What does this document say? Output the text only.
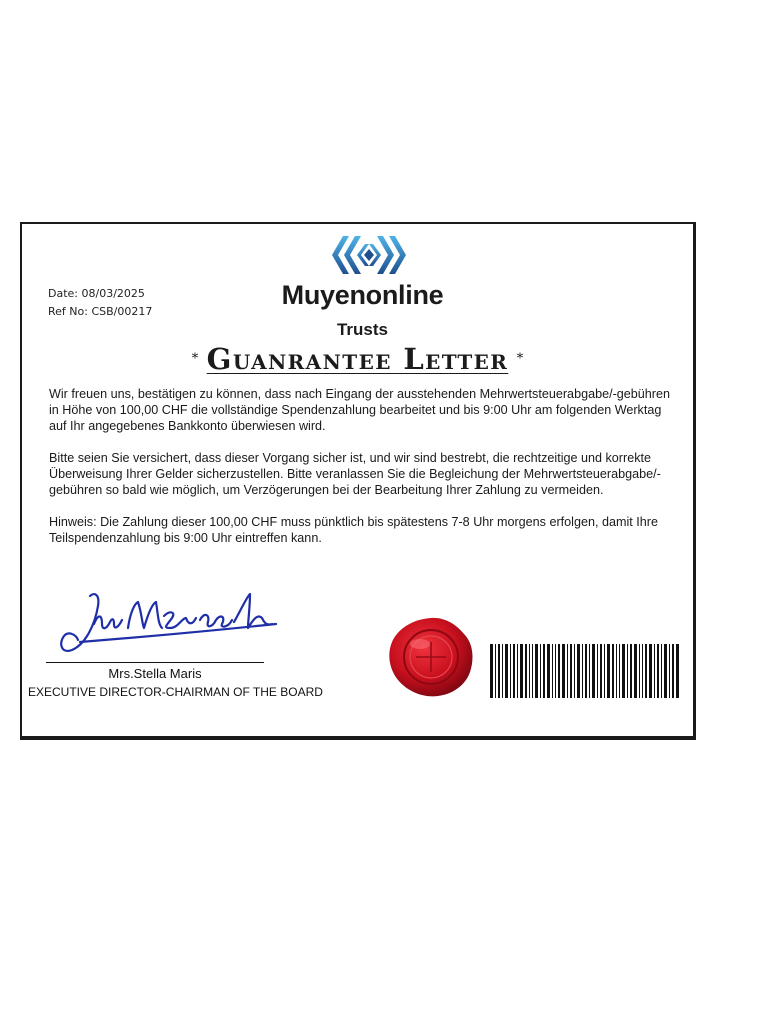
Muyenonline
Trusts
Date: 08/03/2025
Ref No: CSB/00217
* Guanrantee Letter *

Wir freuen uns, bestätigen zu können, dass nach Eingang der ausstehenden Mehrwertsteuerabgabe/-gebühren in Höhe von 100,00 CHF die vollständige Spendenzahlung bearbeitet und bis 9:00 Uhr am folgenden Werktag auf Ihr angegebenes Bankkonto überwiesen wird.

Bitte seien Sie versichert, dass dieser Vorgang sicher ist, und wir sind bestrebt, die rechtzeitige und korrekte Überweisung Ihrer Gelder sicherzustellen. Bitte veranlassen Sie die Begleichung der Mehrwertsteuerabgabe/-gebühren so bald wie möglich, um Verzögerungen bei der Bearbeitung Ihrer Zahlung zu vermeiden.

Hinweis: Die Zahlung dieser 100,00 CHF muss pünktlich bis spätestens 7-8 Uhr morgens erfolgen, damit Ihre Teilspendenzahlung bis 9:00 Uhr eintreffen kann.

Mrs.Stella Maris
EXECUTIVE DIRECTOR-CHAIRMAN OF THE BOARD
